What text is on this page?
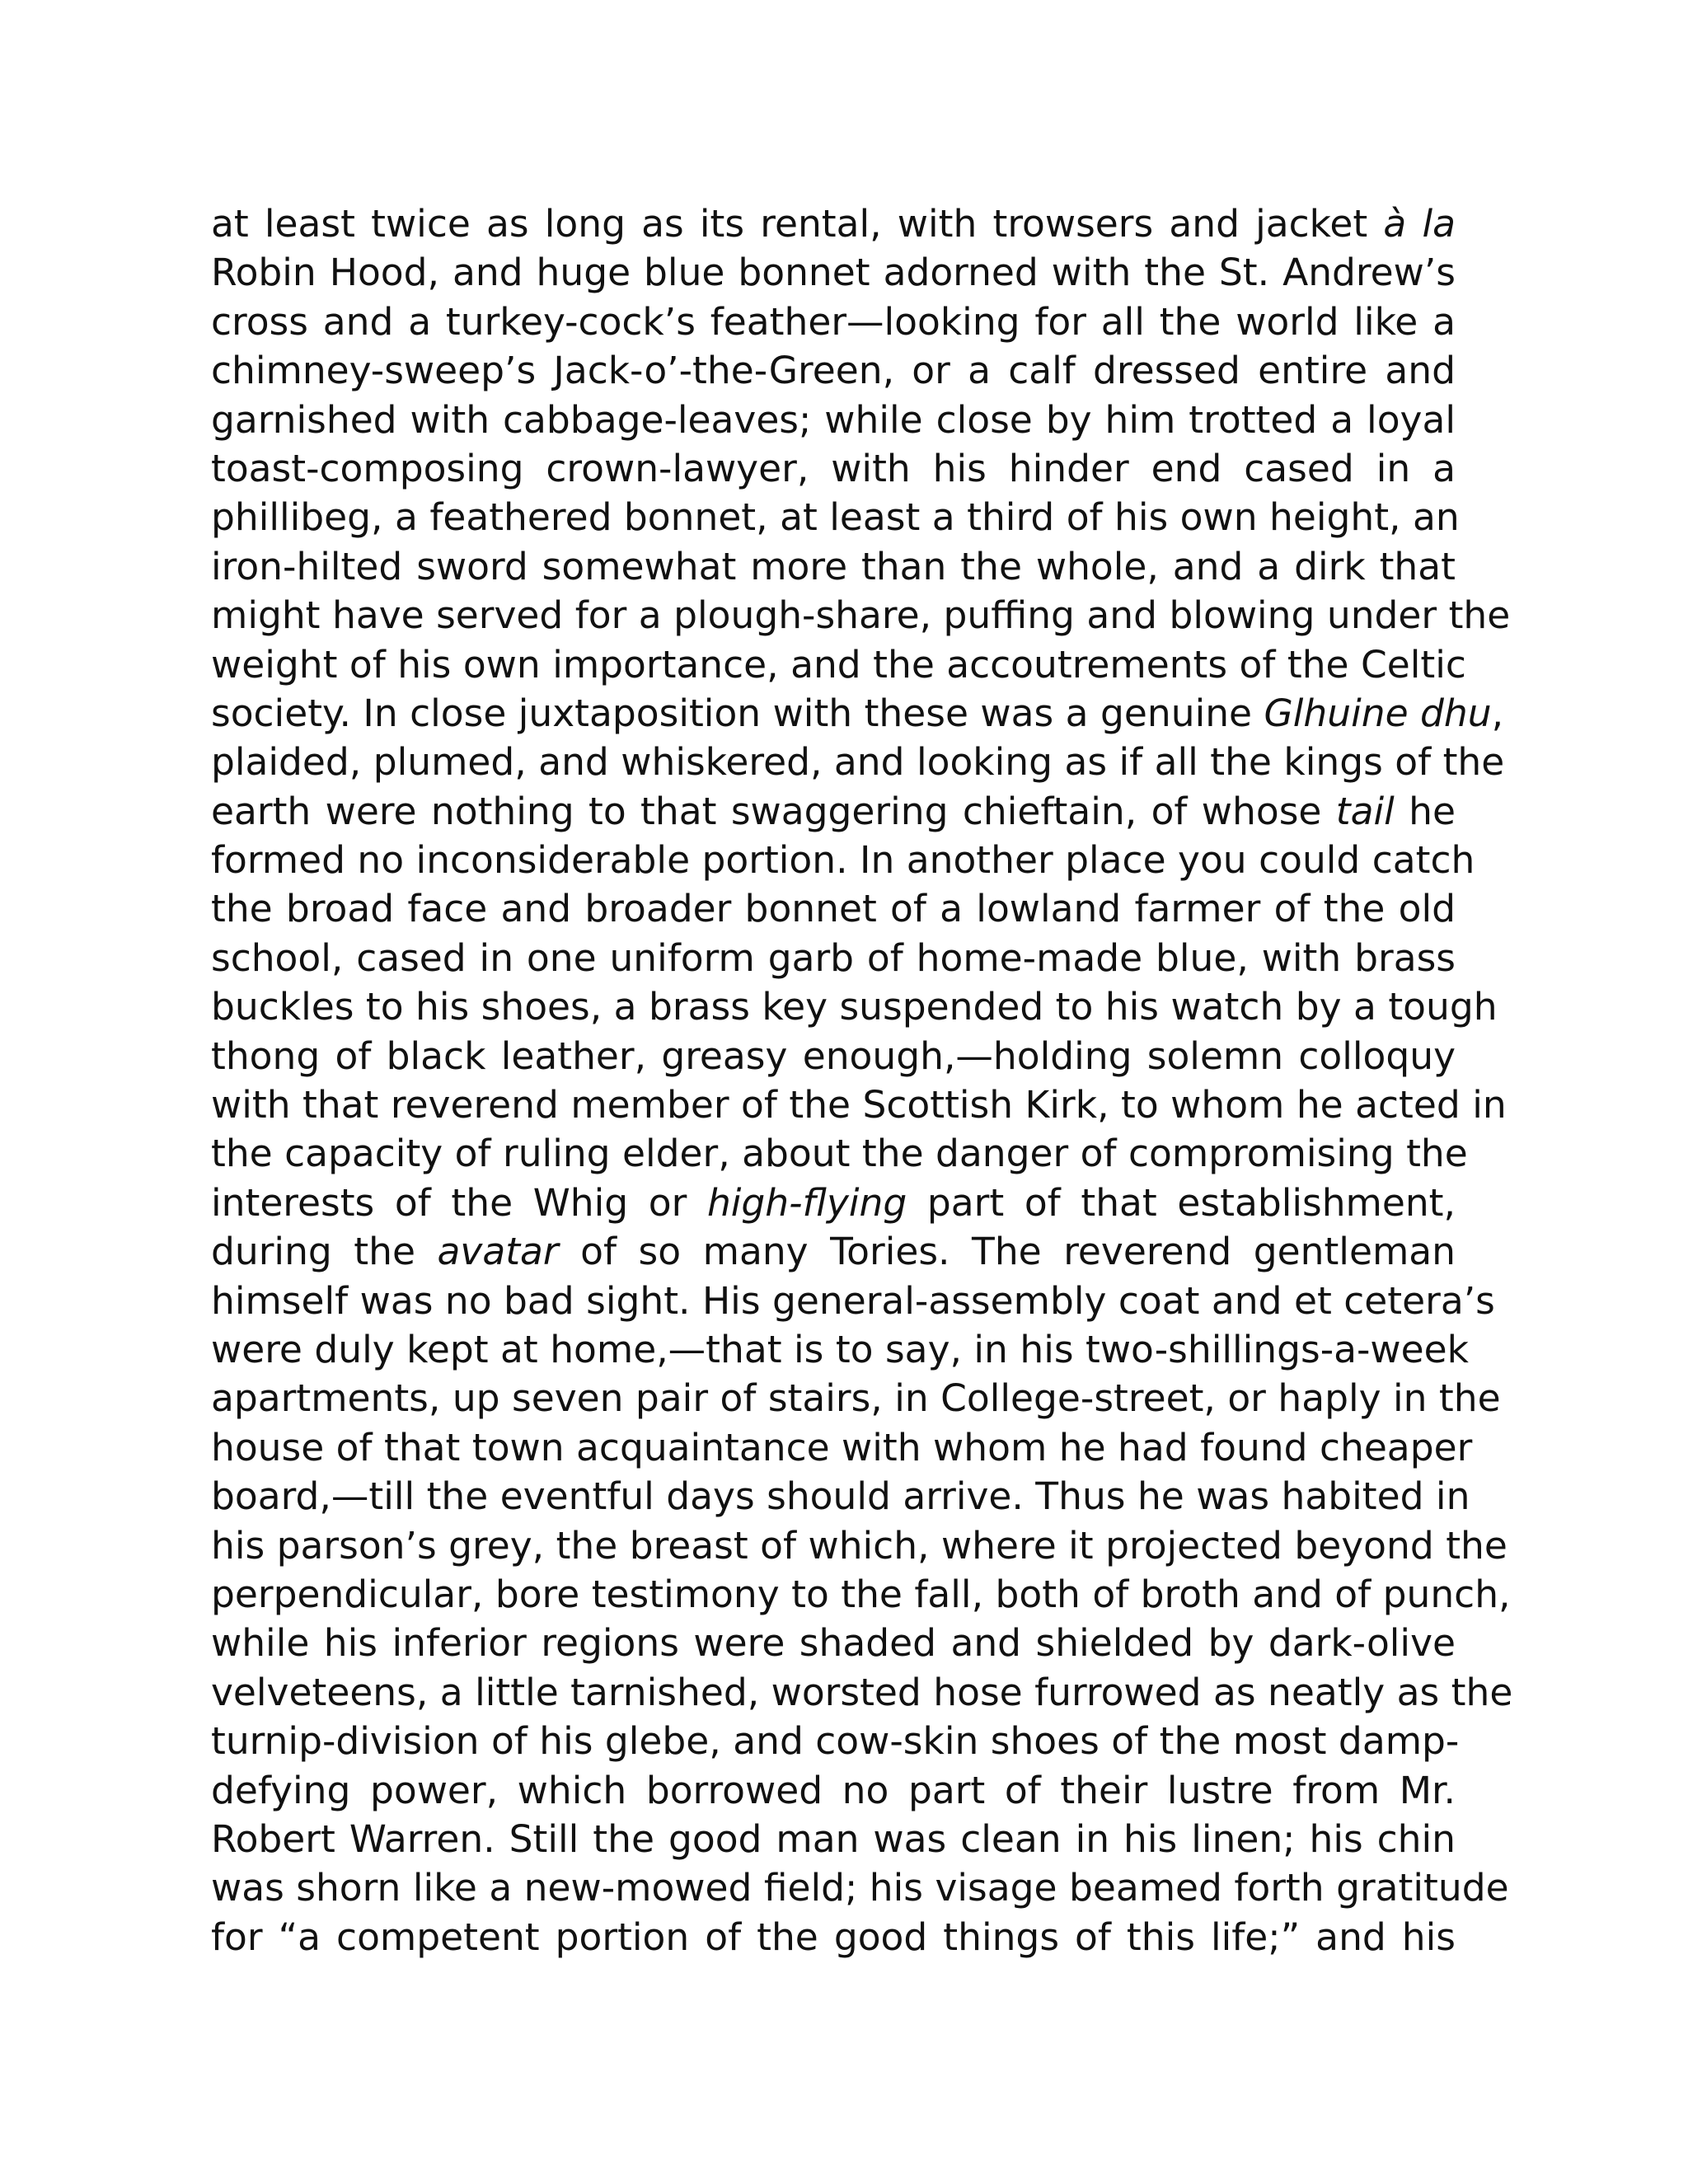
at least twice as long as its rental, with trowsers and jacket à la
Robin Hood, and huge blue bonnet adorned with the St. Andrew’s
cross and a turkey-cock’s feather—looking for all the world like a
chimney-sweep’s Jack-o’-the-Green, or a calf dressed entire and
garnished with cabbage-leaves; while close by him trotted a loyal
toast-composing crown-lawyer, with his hinder end cased in a
phillibeg, a feathered bonnet, at least a third of his own height, an
iron-hilted sword somewhat more than the whole, and a dirk that
might have served for a plough-share, puffing and blowing under the
weight of his own importance, and the accoutrements of the Celtic
society. In close juxtaposition with these was a genuine Glhuine dhu,
plaided, plumed, and whiskered, and looking as if all the kings of the
earth were nothing to that swaggering chieftain, of whose tail he
formed no inconsiderable portion. In another place you could catch
the broad face and broader bonnet of a lowland farmer of the old
school, cased in one uniform garb of home-made blue, with brass
buckles to his shoes, a brass key suspended to his watch by a tough
thong of black leather, greasy enough,—holding solemn colloquy
with that reverend member of the Scottish Kirk, to whom he acted in
the capacity of ruling elder, about the danger of compromising the
interests of the Whig or high-flying part of that establishment,
during the avatar of so many Tories. The reverend gentleman
himself was no bad sight. His general-assembly coat and et cetera’s
were duly kept at home,—that is to say, in his two-shillings-a-week
apartments, up seven pair of stairs, in College-street, or haply in the
house of that town acquaintance with whom he had found cheaper
board,—till the eventful days should arrive. Thus he was habited in
his parson’s grey, the breast of which, where it projected beyond the
perpendicular, bore testimony to the fall, both of broth and of punch,
while his inferior regions were shaded and shielded by dark-olive
velveteens, a little tarnished, worsted hose furrowed as neatly as the
turnip-division of his glebe, and cow-skin shoes of the most damp-
defying power, which borrowed no part of their lustre from Mr.
Robert Warren. Still the good man was clean in his linen; his chin
was shorn like a new-mowed field; his visage beamed forth gratitude
for “a competent portion of the good things of this life;” and his
